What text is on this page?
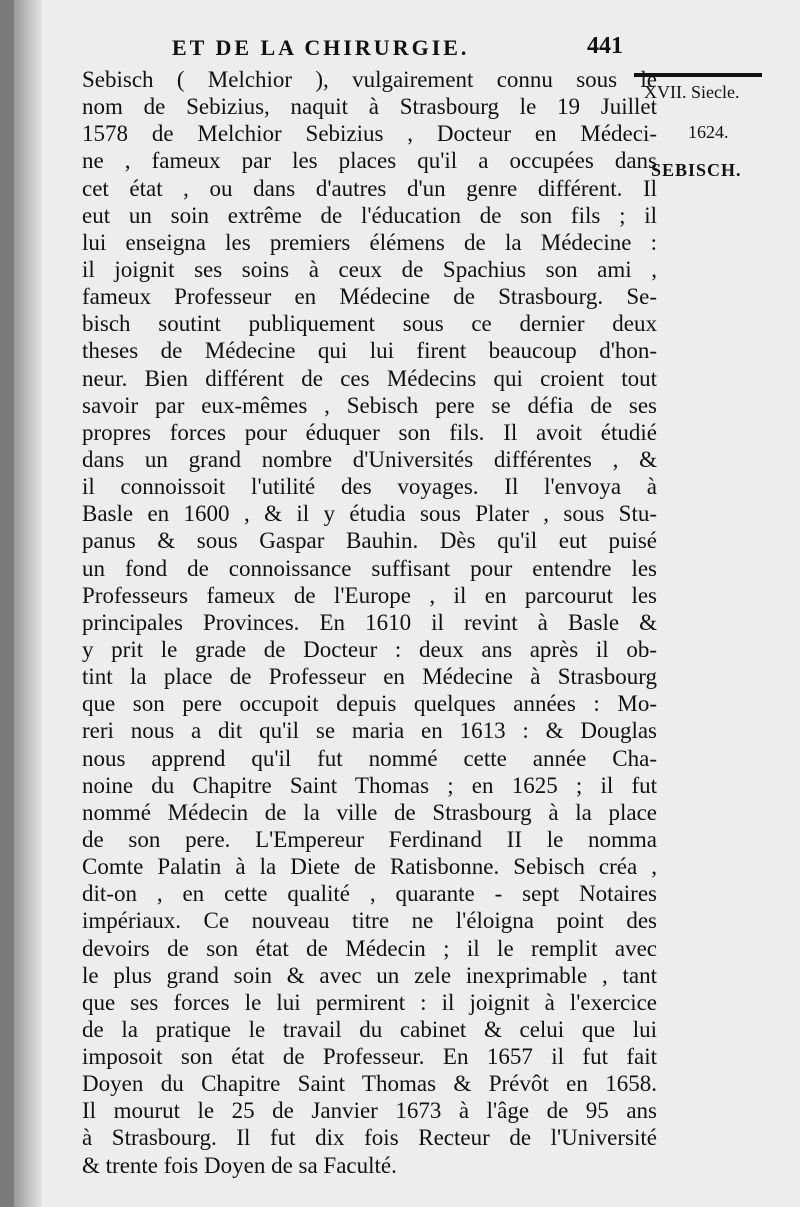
ET DE LA CHIRURGIE.	441
XVII. Siecle.
1624.
SEBISCH.
Sebisch ( Melchior ), vulgairement connu sous le
nom de Sebizius, naquit à Strasbourg le 19 Juillet
1578 de Melchior Sebizius , Docteur en Médeci-
ne , fameux par les places qu'il a occupées dans
cet état , ou dans d'autres d'un genre différent. Il
eut un soin extrême de l'éducation de son fils ; il
lui enseigna les premiers élémens de la Médecine :
il joignit ses soins à ceux de Spachius son ami ,
fameux Professeur en Médecine de Strasbourg. Se-
bisch soutint publiquement sous ce dernier deux
theses de Médecine qui lui firent beaucoup d'hon-
neur. Bien différent de ces Médecins qui croient tout
savoir par eux-mêmes , Sebisch pere se défia de ses
propres forces pour éduquer son fils. Il avoit étudié
dans un grand nombre d'Universités différentes , &
il connoissoit l'utilité des voyages. Il l'envoya à
Basle en 1600 , & il y étudia sous Plater , sous Stu-
panus & sous Gaspar Bauhin. Dès qu'il eut puisé
un fond de connoissance suffisant pour entendre les
Professeurs fameux de l'Europe , il en parcourut les
principales Provinces. En 1610 il revint à Basle &
y prit le grade de Docteur : deux ans après il ob-
tint la place de Professeur en Médecine à Strasbourg
que son pere occupoit depuis quelques années : Mo-
reri nous a dit qu'il se maria en 1613 : & Douglas
nous apprend qu'il fut nommé cette année Cha-
noine du Chapitre Saint Thomas ; en 1625 ; il fut
nommé Médecin de la ville de Strasbourg à la place
de son pere. L'Empereur Ferdinand II le nomma
Comte Palatin à la Diete de Ratisbonne. Sebisch créa ,
dit-on , en cette qualité , quarante - sept Notaires
impériaux. Ce nouveau titre ne l'éloigna point des
devoirs de son état de Médecin ; il le remplit avec
le plus grand soin & avec un zele inexprimable , tant
que ses forces le lui permirent : il joignit à l'exercice
de la pratique le travail du cabinet & celui que lui
imposoit son état de Professeur. En 1657 il fut fait
Doyen du Chapitre Saint Thomas & Prévôt en 1658.
Il mourut le 25 de Janvier 1673 à l'âge de 95 ans
à Strasbourg. Il fut dix fois Recteur de l'Université
& trente fois Doyen de sa Faculté.
